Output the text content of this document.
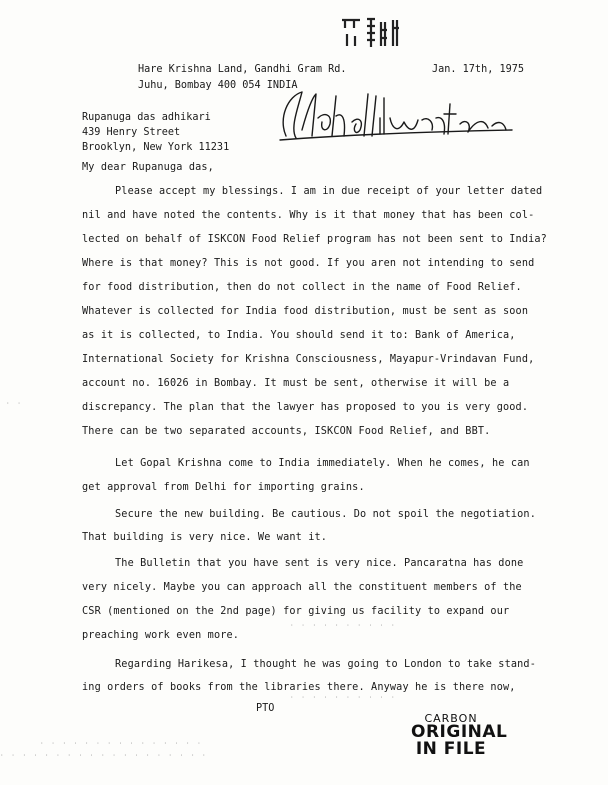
Hare Krishna Land, Gandhi Gram Rd.
Juhu, Bombay 400 054 INDIA
Jan. 17th, 1975
Rupanuga das adhikari
439 Henry Street
Brooklyn, New York 11231
My dear Rupanuga das,
Please accept my blessings. I am in due receipt of your letter dated
nil and have noted the contents. Why is it that money that has been col-
lected on behalf of ISKCON Food Relief program has not been sent to India?
Where is that money? This is not good. If you aren not intending to send
for food distribution, then do not collect in the name of Food Relief.
Whatever is collected for India food distribution, must be sent as soon
as it is collected, to India. You should send it to: Bank of America,
International Society for Krishna Consciousness, Mayapur-Vrindavan Fund,
account no. 16026 in Bombay. It must be sent, otherwise it will be a
discrepancy. The plan that the lawyer has proposed to you is very good.
There can be two separated accounts, ISKCON Food Relief, and BBT.
Let Gopal Krishna come to India immediately. When he comes, he can
get approval from Delhi for importing grains.
Secure the new building. Be cautious. Do not spoil the negotiation.
That building is very nice. We want it.
The Bulletin that you have sent is very nice. Pancaratna has done
very nicely. Maybe you can approach all the constituent members of the
CSR (mentioned on the 2nd page) for giving us facility to expand our
preaching work even more.
Regarding Harikesa, I thought he was going to London to take stand-
ing orders of books from the libraries there. Anyway he is there now,
PTO
· · · · · · · · · ·
· · · · · · · · · ·
· · · · · · · · · · · · · · ·
· · · · · · · · · · · · · · · · · · ·
· ·
CARBON
ORIGINAL
IN FILE
